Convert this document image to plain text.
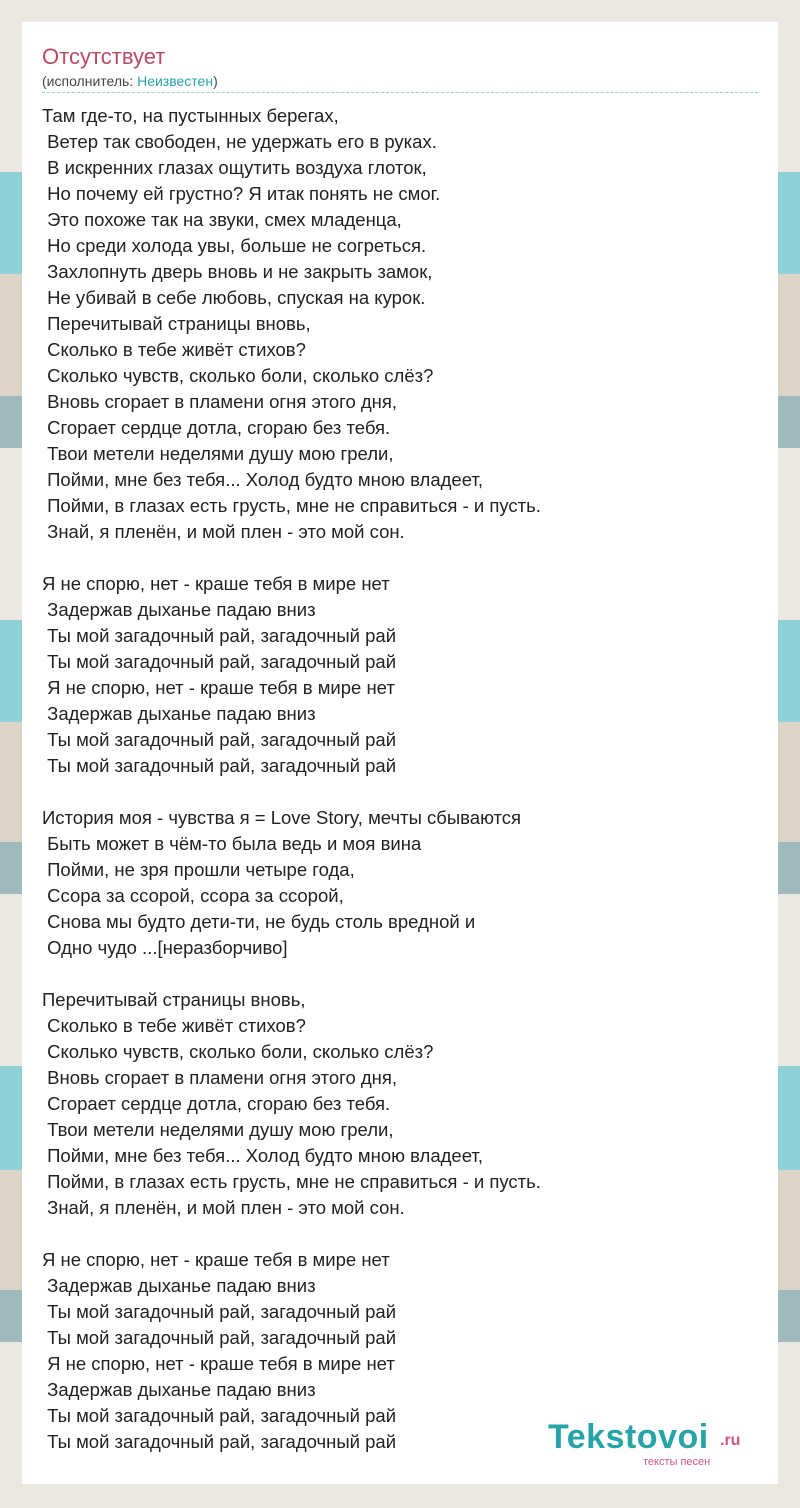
Отсутствует
(исполнитель: Неизвестен)
Там где-то, на пустынных берегах,
Ветер так свободен, не удержать его в руках.
В искренних глазах ощутить воздуха глоток,
Но почему ей грустно? Я итак понять не смог.
Это похоже так на звуки, смех младенца,
Но среди холода увы, больше не согреться.
Захлопнуть дверь вновь и не закрыть замок,
Не убивай в себе любовь, спуская на курок.
Перечитывай страницы вновь,
Сколько в тебе живёт стихов?
Сколько чувств, сколько боли, сколько слёз?
Вновь сгорает в пламени огня этого дня,
Сгорает сердце дотла, сгораю без тебя.
Твои метели неделями душу мою грели,
Пойми, мне без тебя... Холод будто мною владеет,
Пойми, в глазах есть грусть, мне не справиться - и пусть.
Знай, я пленён, и мой плен - это мой сон.
Я не спорю, нет - краше тебя в мире нет
Задержав дыханье падаю вниз
Ты мой загадочный рай, загадочный рай
Ты мой загадочный рай, загадочный рай
Я не спорю, нет - краше тебя в мире нет
Задержав дыханье падаю вниз
Ты мой загадочный рай, загадочный рай
Ты мой загадочный рай, загадочный рай
История моя - чувства я = Love Story, мечты сбываются
Быть может в чём-то была ведь и моя вина
Пойми, не зря прошли четыре года,
Ссора за ссорой, ссора за ссорой,
Снова мы будто дети-ти, не будь столь вредной и
Одно чудо ...[неразборчиво]
Перечитывай страницы вновь,
Сколько в тебе живёт стихов?
Сколько чувств, сколько боли, сколько слёз?
Вновь сгорает в пламени огня этого дня,
Сгорает сердце дотла, сгораю без тебя.
Твои метели неделями душу мою грели,
Пойми, мне без тебя... Холод будто мною владеет,
Пойми, в глазах есть грусть, мне не справиться - и пусть.
Знай, я пленён, и мой плен - это мой сон.
Я не спорю, нет - краше тебя в мире нет
Задержав дыханье падаю вниз
Ты мой загадочный рай, загадочный рай
Ты мой загадочный рай, загадочный рай
Я не спорю, нет - краше тебя в мире нет
Задержав дыханье падаю вниз
Ты мой загадочный рай, загадочный рай
Ты мой загадочный рай, загадочный рай	Tekstovoi .ru
тексты песен
